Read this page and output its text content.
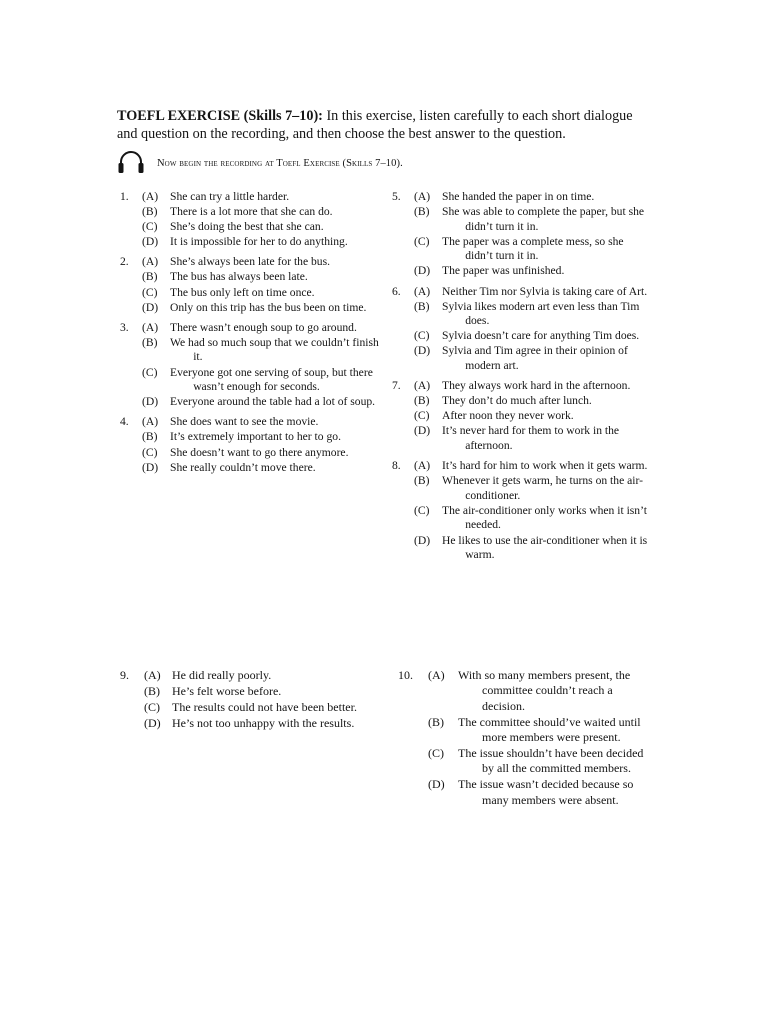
TOEFL EXERCISE (Skills 7–10): In this exercise, listen carefully to each short dialogue and question on the recording, and then choose the best answer to the question.
Now begin the recording at Toefl Exercise (Skills 7–10).
1.	(A)	She can try a little harder.
(B)	There is a lot more that she can do.
(C)	She’s doing the best that she can.
(D)	It is impossible for her to do anything.
2.	(A)	She’s always been late for the bus.
(B)	The bus has always been late.
(C)	The bus only left on time once.
(D)	Only on this trip has the bus been on time.
3.	(A)	There wasn’t enough soup to go around.
(B)	We had so much soup that we couldn’t finish it.
(C)	Everyone got one serving of soup, but there wasn’t enough for seconds.
(D)	Everyone around the table had a lot of soup.
4.	(A)	She does want to see the movie.
(B)	It’s extremely important to her to go.
(C)	She doesn’t want to go there anymore.
(D)	She really couldn’t move there.
5.	(A)	She handed the paper in on time.
(B)	She was able to complete the paper, but she didn’t turn it in.
(C)	The paper was a complete mess, so she didn’t turn it in.
(D)	The paper was unfinished.
6.	(A)	Neither Tim nor Sylvia is taking care of Art.
(B)	Sylvia likes modern art even less than Tim does.
(C)	Sylvia doesn’t care for anything Tim does.
(D)	Sylvia and Tim agree in their opinion of modern art.
7.	(A)	They always work hard in the afternoon.
(B)	They don’t do much after lunch.
(C)	After noon they never work.
(D)	It’s never hard for them to work in the afternoon.
8.	(A)	It’s hard for him to work when it gets warm.
(B)	Whenever it gets warm, he turns on the air-conditioner.
(C)	The air-conditioner only works when it isn’t needed.
(D)	He likes to use the air-conditioner when it is warm.
9.	(A) He did really poorly.
(B)	He’s felt worse before.
(C)	The results could not have been better.
(D) He’s not too unhappy with the results.
10.	(A)	With so many members present, the committee couldn’t reach a decision.
(B)	The committee should’ve waited until more members were present.
(C)	The issue shouldn’t have been decided by all the committed members.
(D)	The issue wasn’t decided because so many members were absent.
